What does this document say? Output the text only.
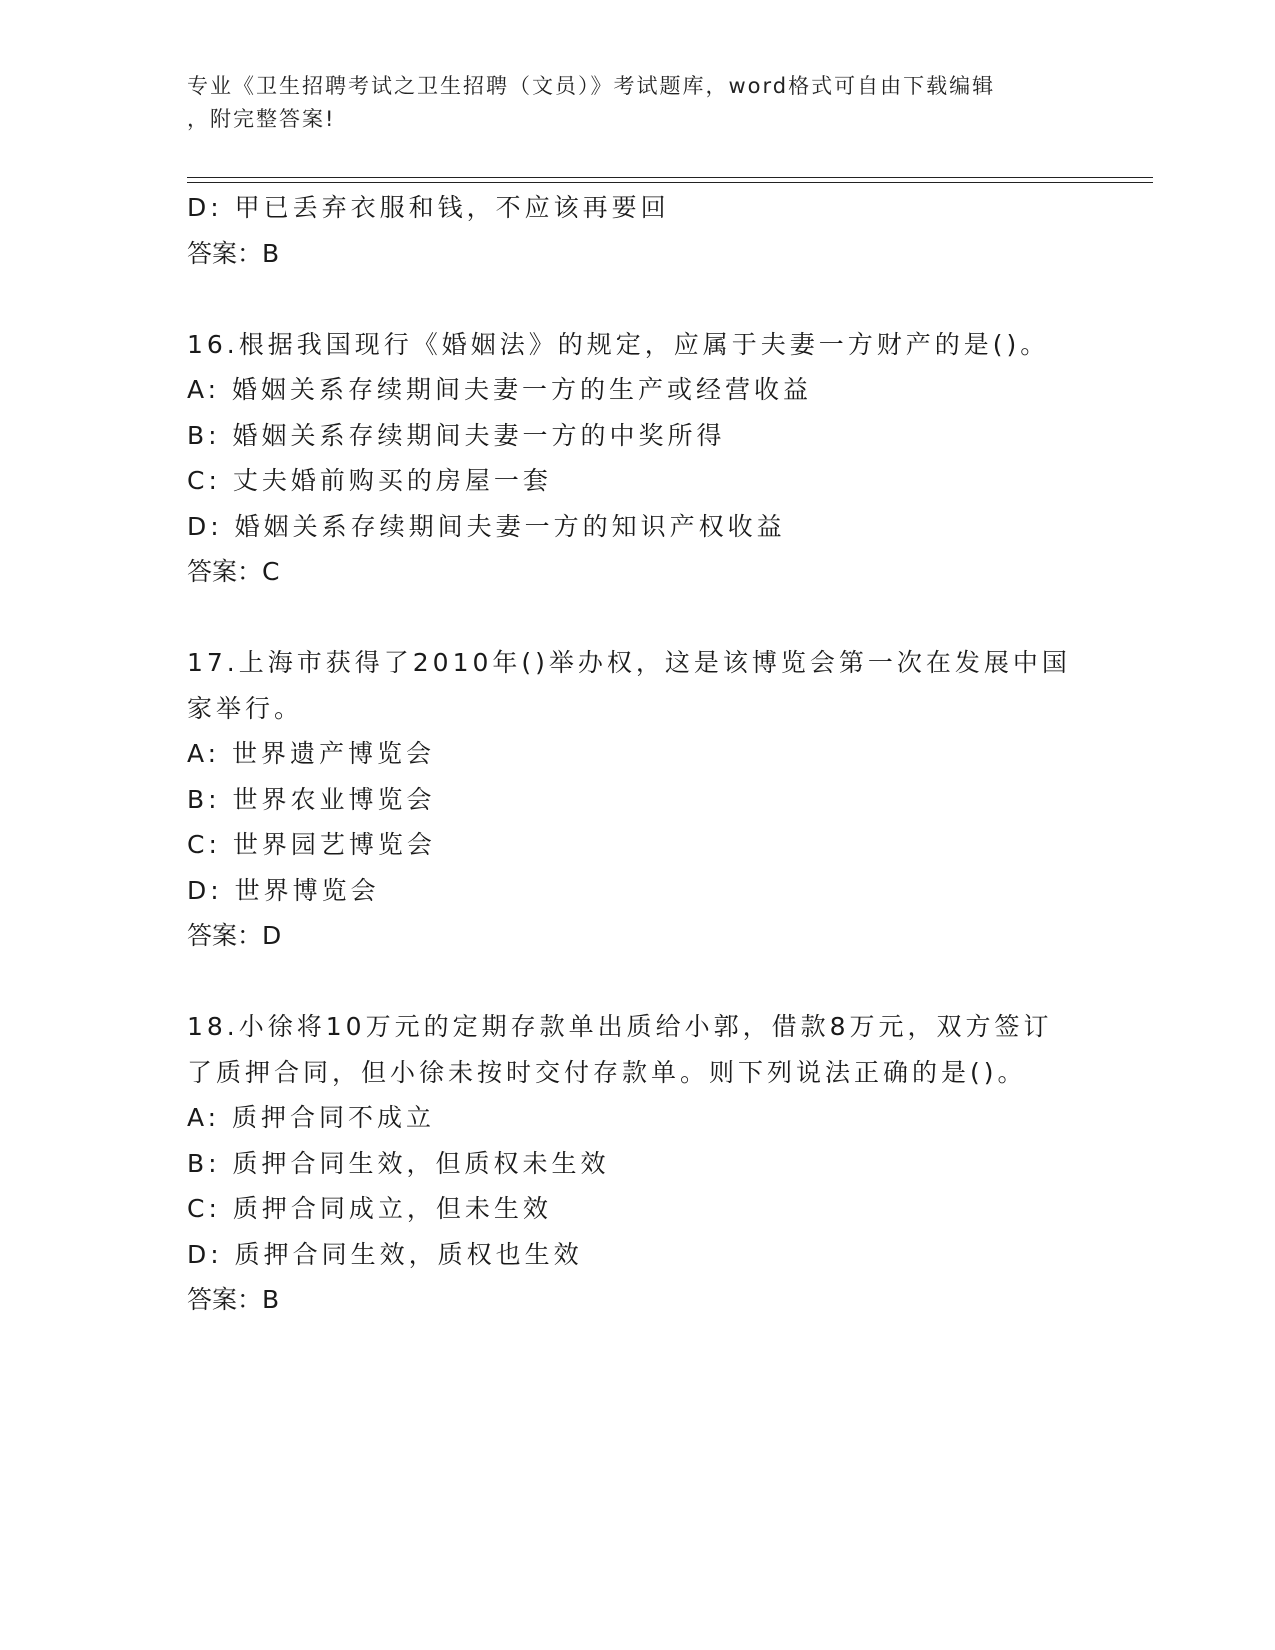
专业《卫生招聘考试之卫生招聘（文员）》考试题库，word格式可自由下载编辑
，附完整答案!
D: 甲已丢弃衣服和钱，不应该再要回
答案：B
16.根据我国现行《婚姻法》的规定，应属于夫妻一方财产的是()。
A: 婚姻关系存续期间夫妻一方的生产或经营收益
B: 婚姻关系存续期间夫妻一方的中奖所得
C: 丈夫婚前购买的房屋一套
D: 婚姻关系存续期间夫妻一方的知识产权收益
答案：C
17.上海市获得了2010年()举办权，这是该博览会第一次在发展中国
家举行。
A: 世界遗产博览会
B: 世界农业博览会
C: 世界园艺博览会
D: 世界博览会
答案：D
18.小徐将10万元的定期存款单出质给小郭，借款8万元，双方签订
了质押合同，但小徐未按时交付存款单。则下列说法正确的是()。
A: 质押合同不成立
B: 质押合同生效，但质权未生效
C: 质押合同成立，但未生效
D: 质押合同生效，质权也生效
答案：B
